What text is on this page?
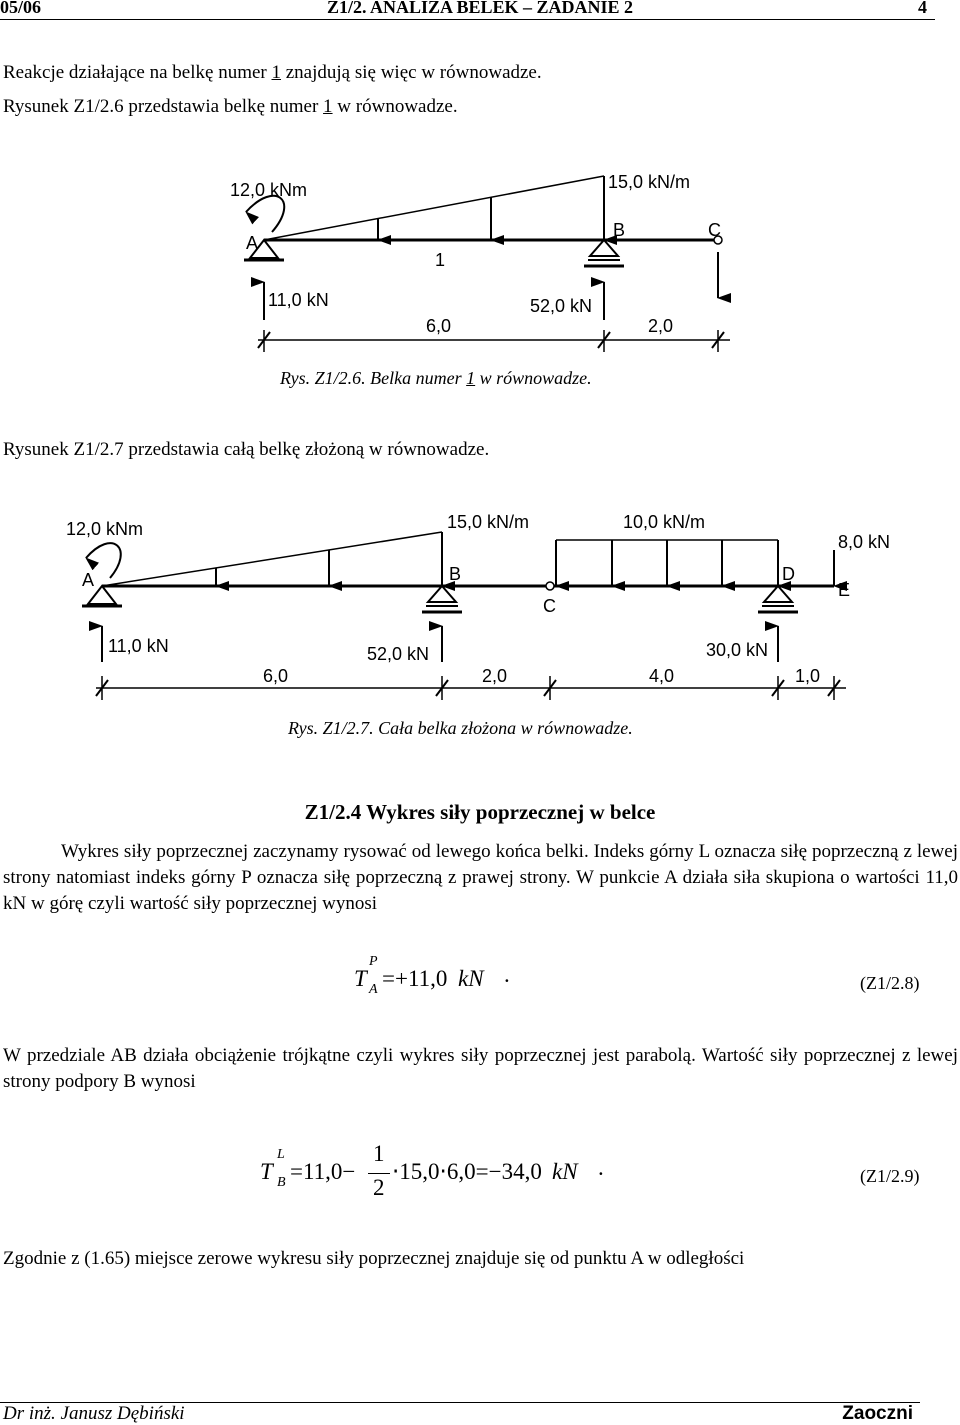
05/06	Z1/2. ANALIZA BELEK – ZADANIE 2	4

Reakcje działające na belkę numer 1 znajdują się więc w równowadze.

Rysunek Z1/2.6 przedstawia belkę numer 1 w równowadze.

12,0 kNm	15,0 kN/m
A
B	C
1
11,0 kN	52,0 kN
6,0	2,0
Rys. Z1/2.6. Belka numer 1 w równowadze.

Rysunek Z1/2.7 przedstawia całą belkę złożoną w równowadze.

12,0 kNm	15,0 kN/m	10,0 kN/m
8,0 kN
A	B
C
D
E
11,0 kN	52,0 kN	30,0 kN
6,0	2,0	4,0	1,0
Rys. Z1/2.7. Cała belka złożona w równowadze.
Z1/2.4 Wykres siły poprzecznej w belce

Wykres siły poprzecznej zaczynamy rysować od lewego końca belki. Indeks górny L oznacza siłę poprzeczną z lewej strony natomiast indeks górny P oznacza siłę poprzeczną z prawej strony. W punkcie A działa siła skupiona o wartości 11,0 kN w górę czyli wartość siły poprzecznej wynosi

T
P
A =+11,0 kN .	(Z1/2.8)

W przedziale AB działa obciążenie trójkątne czyli wykres siły poprzecznej jest parabolą. Wartość siły poprzecznej z lewej strony podpory B wynosi

T
L
B =11,0−
1
2
⋅15,0⋅6,0=−34,0 kN .	(Z1/2.9)

Zgodnie z (1.65) miejsce zerowe wykresu siły poprzecznej znajduje się od punktu A w odległości

Dr inż. Janusz Dębiński	Zaoczni
